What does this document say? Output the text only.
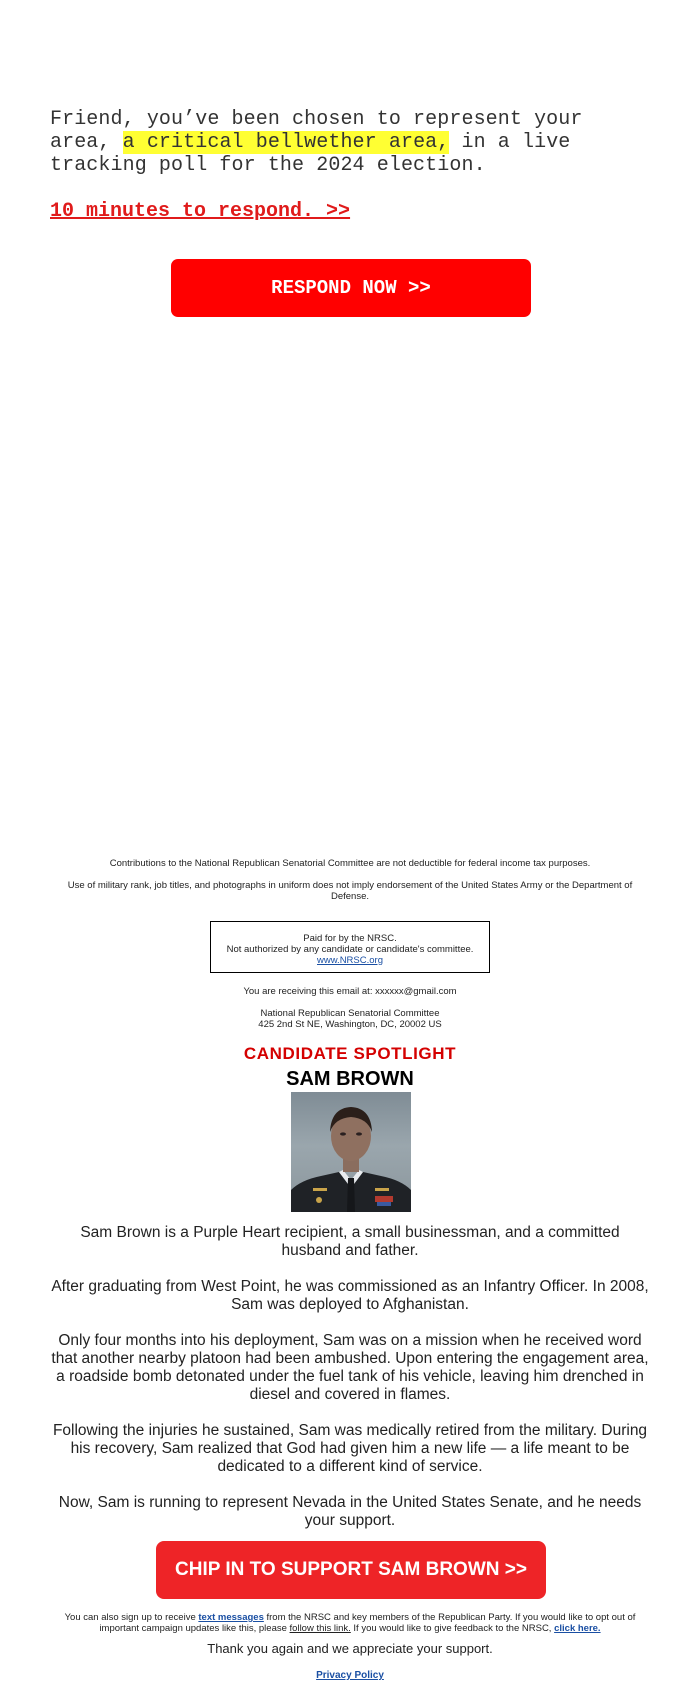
Friend, you’ve been chosen to represent your area, a critical bellwether area, in a live tracking poll for the 2024 election.
10 minutes to respond. >>
RESPOND NOW >>
Contributions to the National Republican Senatorial Committee are not deductible for federal income tax purposes.
Use of military rank, job titles, and photographs in uniform does not imply endorsement of the United States Army or the Department of Defense.
Paid for by the NRSC.
Not authorized by any candidate or candidate's committee.
www.NRSC.org
You are receiving this email at: xxxxxx@gmail.com
National Republican Senatorial Committee
425 2nd St NE, Washington, DC, 20002 US
CANDIDATE SPOTLIGHT
SAM BROWN

Sam Brown is a Purple Heart recipient, a small businessman, and a committed husband and father.

After graduating from West Point, he was commissioned as an Infantry Officer. In 2008, Sam was deployed to Afghanistan.

Only four months into his deployment, Sam was on a mission when he received word that another nearby platoon had been ambushed. Upon entering the engagement area, a roadside bomb detonated under the fuel tank of his vehicle, leaving him drenched in diesel and covered in flames.

Following the injuries he sustained, Sam was medically retired from the military. During his recovery, Sam realized that God had given him a new life — a life meant to be dedicated to a different kind of service.

Now, Sam is running to represent Nevada in the United States Senate, and he needs your support.

CHIP IN TO SUPPORT SAM BROWN >>
You can also sign up to receive text messages from the NRSC and key members of the Republican Party. If you would like to opt out of important campaign updates like this, please follow this link. If you would like to give feedback to the NRSC, click here.
Thank you again and we appreciate your support.
Privacy Policy
